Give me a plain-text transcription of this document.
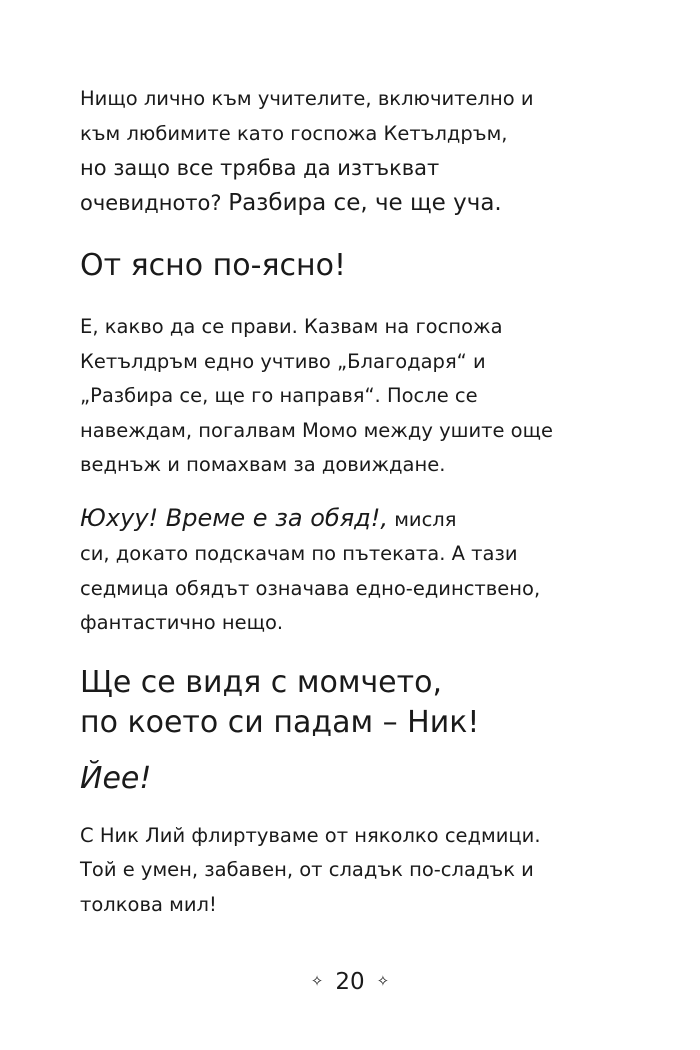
Нищо лично към учителите, включително и
към любимите като госпожа Кетълдръм,
но защо все трябва да изтъкват
очевидното? Разбира се, че ще уча.

От ясно по-ясно!

Е, какво да се прави. Казвам на госпожа
Кетълдръм едно учтиво „Благодаря“ и
„Разбира се, ще го направя“. После се
навеждам, погалвам Момо между ушите още
веднъж и помахвам за довиждане.

Юхуу! Време е за обяд!, мисля
си, докато подскачам по пътеката. А тази
седмица обядът означава едно-единствено,
фантастично нещо.

Ще се видя с момчето,
по което си падам – Ник!
Йее!

С Ник Лий флиртуваме от няколко седмици.
Той е умен, забавен, от сладък по-сладък и
толкова мил!

✧ 20 ✧
